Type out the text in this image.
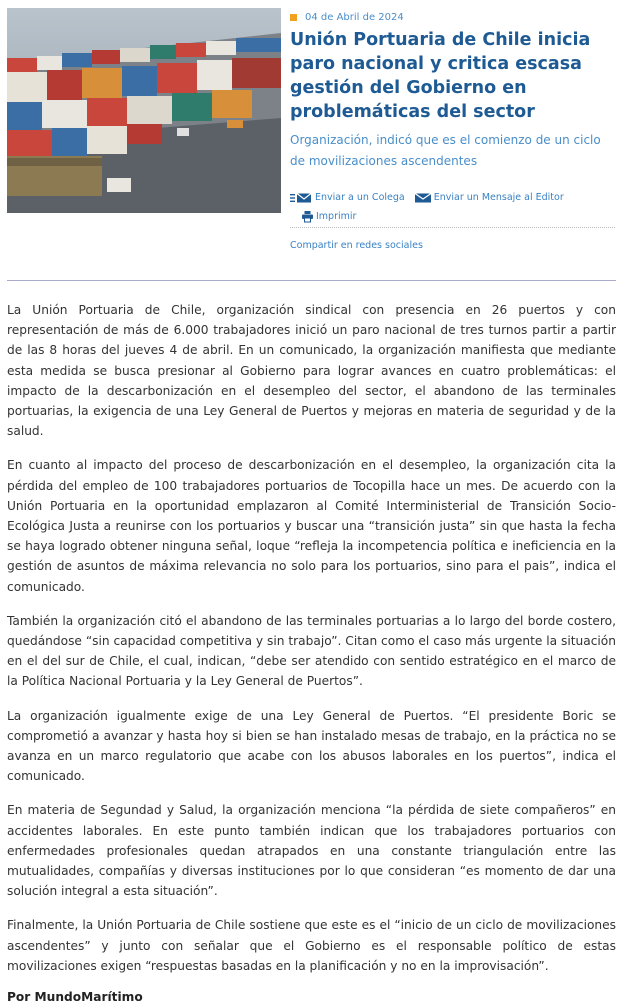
04 de Abril de 2024
Unión Portuaria de Chile inicia paro nacional y critica escasa gestión del Gobierno en problemáticas del sector

Organización, indicó que es el comienzo de un ciclo de movilizaciones ascendentes

Enviar a un Colega	Enviar un Mensaje al Editor
Imprimir
Compartir en redes sociales

La Unión Portuaria de Chile, organización sindical con presencia en 26 puertos y con representación de más de 6.000 trabajadores inició un paro nacional de tres turnos partir a partir de las 8 horas del jueves 4 de abril. En un comunicado, la organización manifiesta que mediante esta medida se busca presionar al Gobierno para lograr avances en cuatro problemáticas: el impacto de la descarbonización en el desempleo del sector, el abandono de las terminales portuarias, la exigencia de una Ley General de Puertos y mejoras en materia de seguridad y de la salud.

En cuanto al impacto del proceso de descarbonización en el desempleo, la organización cita la pérdida del empleo de 100 trabajadores portuarios de Tocopilla hace un mes. De acuerdo con la Unión Portuaria en la oportunidad emplazaron al Comité Interministerial de Transición Socio-Ecológica Justa a reunirse con los portuarios y buscar una “transición justa” sin que hasta la fecha se haya logrado obtener ninguna señal, loque “refleja la incompetencia política e ineficiencia en la gestión de asuntos de máxima relevancia no solo para los portuarios, sino para el pais”, indica el comunicado.

También la organización citó el abandono de las terminales portuarias a lo largo del borde costero, quedándose “sin capacidad competitiva y sin trabajo”. Citan como el caso más urgente la situación en el del sur de Chile, el cual, indican, “debe ser atendido con sentido estratégico en el marco de la Política Nacional Portuaria y la Ley General de Puertos”.

La organización igualmente exige de una Ley General de Puertos. “El presidente Boric se comprometió a avanzar y hasta hoy si bien se han instalado mesas de trabajo, en la práctica no se avanza en un marco regulatorio que acabe con los abusos laborales en los puertos”, indica el comunicado.

En materia de Segundad y Salud, la organización menciona “la pérdida de siete compañeros” en accidentes laborales. En este punto también indican que los trabajadores portuarios con enfermedades profesionales quedan atrapados en una constante triangulación entre las mutualidades, compañías y diversas instituciones por lo que consideran “es momento de dar una solución integral a esta situación”.

Finalmente, la Unión Portuaria de Chile sostiene que este es el “inicio de un ciclo de movilizaciones ascendentes” y junto con señalar que el Gobierno es el responsable político de estas movilizaciones exigen “respuestas basadas en la planificación y no en la improvisación”.

Por MundoMarítimo
